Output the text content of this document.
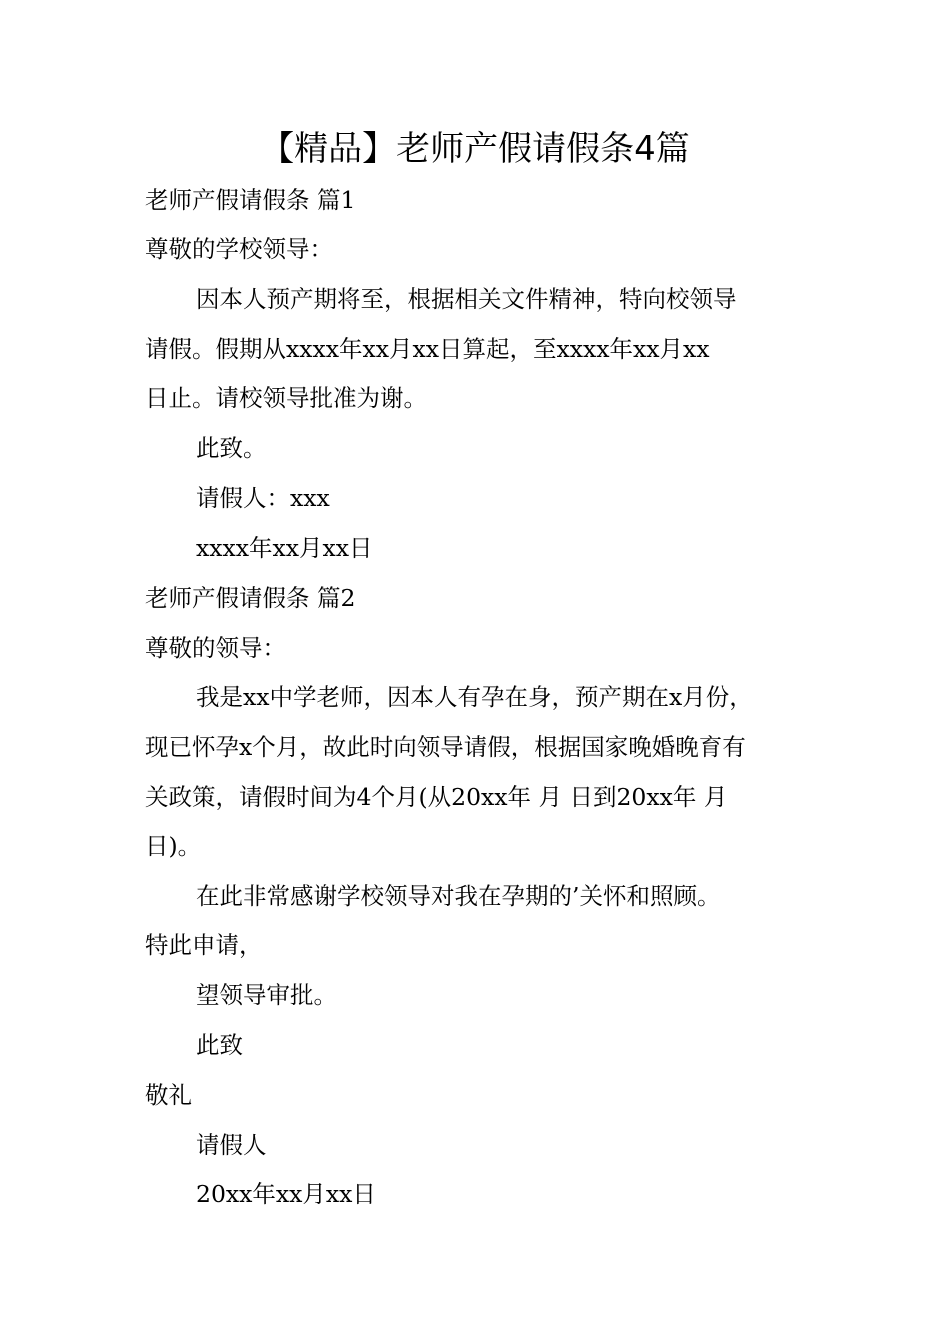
【精品】老师产假请假条4篇
老师产假请假条 篇1
尊敬的学校领导：
因本人预产期将至，根据相关文件精神，特向校领导
请假。假期从xxxx年xx月xx日算起，至xxxx年xx月xx
日止。请校领导批准为谢。
此致。
请假人：xxx
xxxx年xx月xx日
老师产假请假条 篇2
尊敬的领导：
我是xx中学老师，因本人有孕在身，预产期在x月份，
现已怀孕x个月，故此时向领导请假，根据国家晚婚晚育有
关政策，请假时间为4个月(从20xx年 月 日到20xx年 月
日)。
在此非常感谢学校领导对我在孕期的’关怀和照顾。
特此申请，
望领导审批。
此致
敬礼
请假人
20xx年xx月xx日
